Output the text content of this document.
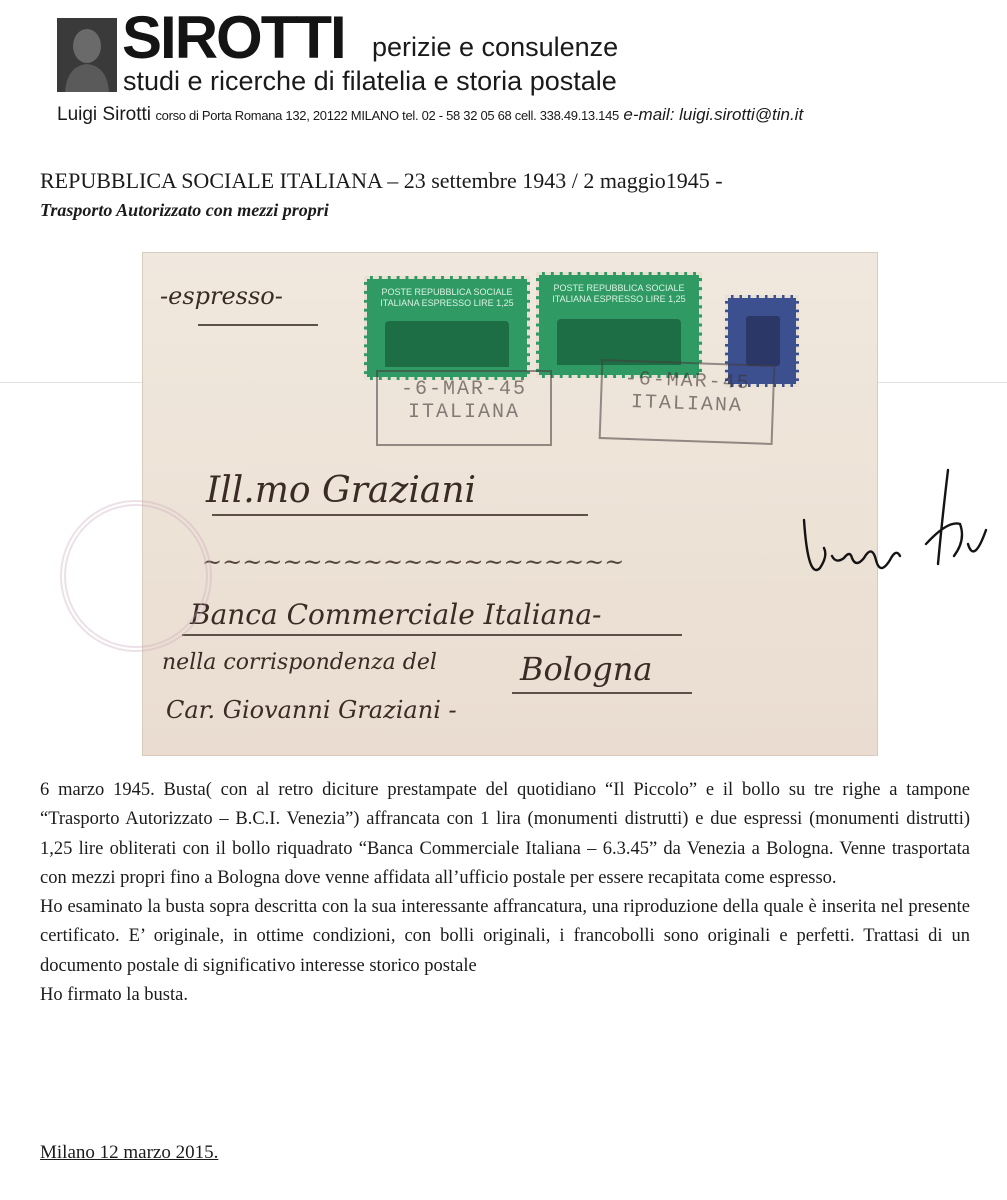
SIROTTI perizie e consulenze
studi e ricerche di filatelia e storia postale
Luigi Sirotti corso di Porta Romana 132, 20122 MILANO tel. 02 - 58 32 05 68 cell. 338.49.13.145 e-mail: luigi.sirotti@tin.it
REPUBBLICA SOCIALE ITALIANA – 23 settembre 1943 / 2 maggio1945 -
Trasporto Autorizzato con mezzi propri
POSTE REPUBBLICA SOCIALE ITALIANA ESPRESSO LIRE 1,25
POSTE REPUBBLICA SOCIALE ITALIANA ESPRESSO LIRE 1,25
-6-MAR-45
ITALIANA
-6-MAR-45
ITALIANA
-espresso-
Ill.mo Graziani
~~~~~~~~~~~~~~~~~~~~~
Banca Commerciale Italiana-
nella corrispondenza del	Bologna
Car. Giovanni Graziani -

6 marzo 1945. Busta( con al retro diciture prestampate del quotidiano “Il Piccolo” e il bollo su tre righe a tampone “Trasporto Autorizzato – B.C.I. Venezia”) affrancata con 1 lira (monumenti distrutti) e due espressi (monumenti distrutti) 1,25 lire obliterati con il bollo riquadrato “Banca Commerciale Italiana – 6.3.45” da Venezia a Bologna. Venne trasportata con mezzi propri fino a Bologna dove venne affidata all’ufficio postale per essere recapitata come espresso.

Ho esaminato la busta sopra descritta con la sua interessante affrancatura, una riproduzione della quale è inserita nel presente certificato. E’ originale, in ottime condizioni, con bolli originali, i francobolli sono originali e perfetti. Trattasi di un documento postale di significativo interesse storico postale

Ho firmato la busta.

Milano 12 marzo 2015.
